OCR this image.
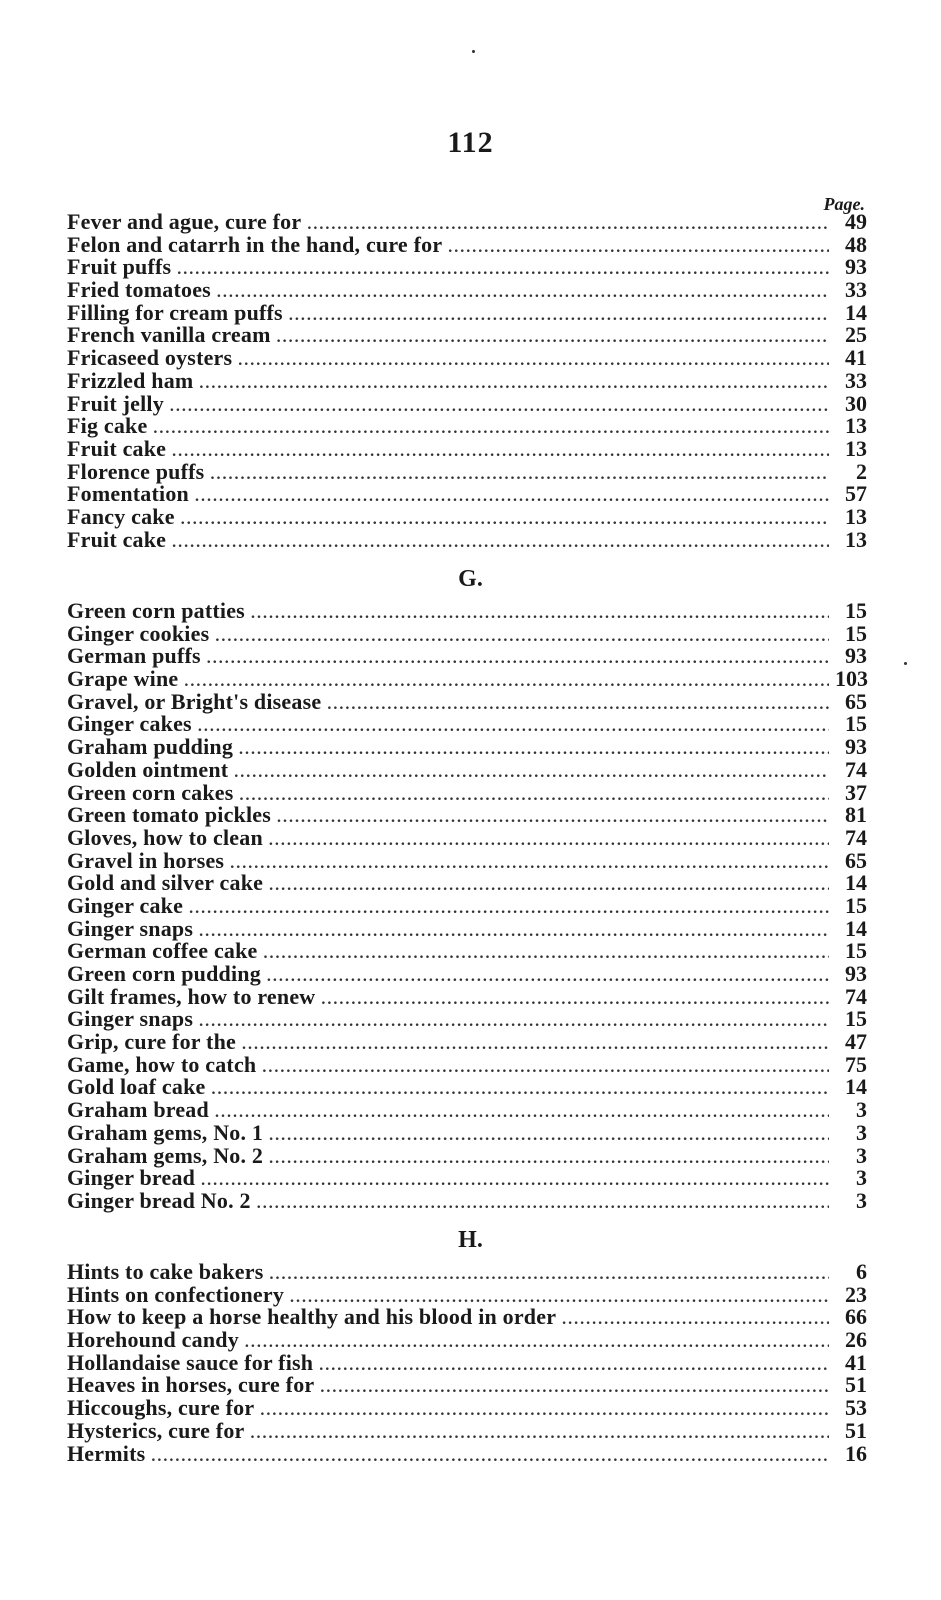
112
Page.
Fever and ague, cure for .....	49
Felon and catarrh in the hand, cure for .....	48
Fruit puffs .....	93
Fried tomatoes .....	33
Filling for cream puffs .....	14
French vanilla cream .....	25
Fricaseed oysters .....	41
Frizzled ham .....	33
Fruit jelly .....	30
Fig cake .....	13
Fruit cake .....	13
Florence puffs .....	2
Fomentation .....	57
Fancy cake .....	13
Fruit cake .....	13
G.
Green corn patties .....	15
Ginger cookies .....	15
German puffs .....	93
Grape wine .....	103
Gravel, or Bright's disease .....	65
Ginger cakes .....	15
Graham pudding .....	93
Golden ointment .....	74
Green corn cakes .....	37
Green tomato pickles .....	81
Gloves, how to clean .....	74
Gravel in horses .....	65
Gold and silver cake .....	14
Ginger cake .....	15
Ginger snaps .....	14
German coffee cake .....	15
Green corn pudding .....	93
Gilt frames, how to renew .....	74
Ginger snaps .....	15
Grip, cure for the .....	47
Game, how to catch .....	75
Gold loaf cake .....	14
Graham bread .....	3
Graham gems, No. 1 .....	3
Graham gems, No. 2 .....	3
Ginger bread .....	3
Ginger bread No. 2 .....	3
H.
Hints to cake bakers .....	6
Hints on confectionery .....	23
How to keep a horse healthy and his blood in order .....	66
Horehound candy .....	26
Hollandaise sauce for fish .....	41
Heaves in horses, cure for .....	51
Hiccoughs, cure for .....	53
Hysterics, cure for .....	51
Hermits .....	16
